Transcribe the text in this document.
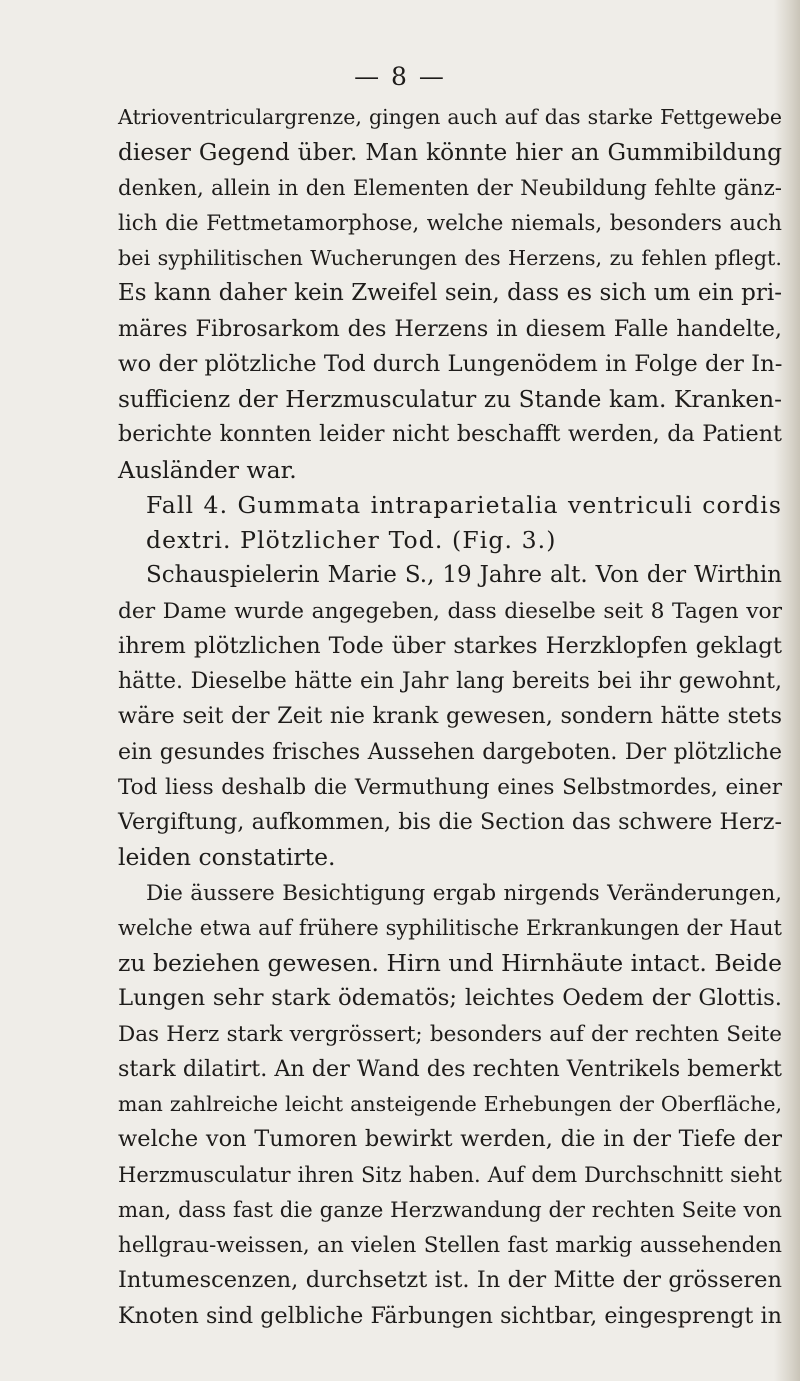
— 8 —
Atrioventriculargrenze, gingen auch auf das starke Fettgewebe
dieser Gegend über. Man könnte hier an Gummibildung
denken, allein in den Elementen der Neubildung fehlte gänz-
lich die Fettmetamorphose, welche niemals, besonders auch
bei syphilitischen Wucherungen des Herzens, zu fehlen pflegt.
Es kann daher kein Zweifel sein, dass es sich um ein pri-
märes Fibrosarkom des Herzens in diesem Falle handelte,
wo der plötzliche Tod durch Lungenödem in Folge der In-
sufficienz der Herzmusculatur zu Stande kam. Kranken-
berichte konnten leider nicht beschafft werden, da Patient
Ausländer war.
Fall 4. Gummata intraparietalia ventriculi cordis
dextri. Plötzlicher Tod. (Fig. 3.)
Schauspielerin Marie S., 19 Jahre alt. Von der Wirthin
der Dame wurde angegeben, dass dieselbe seit 8 Tagen vor
ihrem plötzlichen Tode über starkes Herzklopfen geklagt
hätte. Dieselbe hätte ein Jahr lang bereits bei ihr gewohnt,
wäre seit der Zeit nie krank gewesen, sondern hätte stets
ein gesundes frisches Aussehen dargeboten. Der plötzliche
Tod liess deshalb die Vermuthung eines Selbstmordes, einer
Vergiftung, aufkommen, bis die Section das schwere Herz-
leiden constatirte.
Die äussere Besichtigung ergab nirgends Veränderungen,
welche etwa auf frühere syphilitische Erkrankungen der Haut
zu beziehen gewesen. Hirn und Hirnhäute intact. Beide
Lungen sehr stark ödematös; leichtes Oedem der Glottis.
Das Herz stark vergrössert; besonders auf der rechten Seite
stark dilatirt. An der Wand des rechten Ventrikels bemerkt
man zahlreiche leicht ansteigende Erhebungen der Oberfläche,
welche von Tumoren bewirkt werden, die in der Tiefe der
Herzmusculatur ihren Sitz haben. Auf dem Durchschnitt sieht
man, dass fast die ganze Herzwandung der rechten Seite von
hellgrau-weissen, an vielen Stellen fast markig aussehenden
Intumescenzen, durchsetzt ist. In der Mitte der grösseren
Knoten sind gelbliche Färbungen sichtbar, eingesprengt in
